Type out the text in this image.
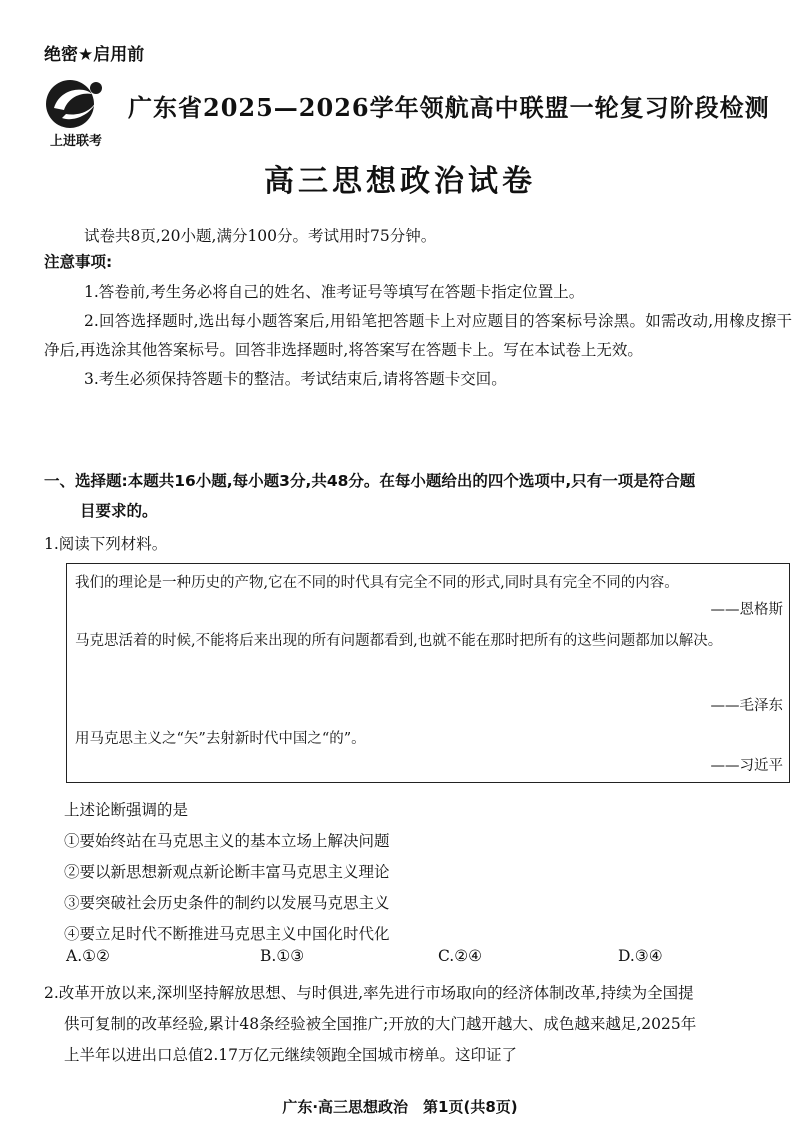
绝密★启用前
上进联考
广东省2025—2026学年领航高中联盟一轮复习阶段检测
高三思想政治试卷
试卷共8页,20小题,满分100分。考试用时75分钟。
注意事项:
1.答卷前,考生务必将自己的姓名、准考证号等填写在答题卡指定位置上。
2.回答选择题时,选出每小题答案后,用铅笔把答题卡上对应题目的答案标号涂黑。如需改动,用橡皮擦干净后,再选涂其他答案标号。回答非选择题时,将答案写在答题卡上。写在本试卷上无效。
3.考生必须保持答题卡的整洁。考试结束后,请将答题卡交回。
一、选择题:本题共16小题,每小题3分,共48分。在每小题给出的四个选项中,只有一项是符合题
目要求的。
1.阅读下列材料。
我们的理论是一种历史的产物,它在不同的时代具有完全不同的形式,同时具有完全不同的内容。
——恩格斯
马克思活着的时候,不能将后来出现的所有问题都看到,也就不能在那时把所有的这些问题都加以解决。
——毛泽东
用马克思主义之“矢”去射新时代中国之“的”。
——习近平
上述论断强调的是
①要始终站在马克思主义的基本立场上解决问题
②要以新思想新观点新论断丰富马克思主义理论
③要突破社会历史条件的制约以发展马克思主义
④要立足时代不断推进马克思主义中国化时代化
A.①②	B.①③	C.②④	D.③④
2.改革开放以来,深圳坚持解放思想、与时俱进,率先进行市场取向的经济体制改革,持续为全国提
供可复制的改革经验,累计48条经验被全国推广;开放的大门越开越大、成色越来越足,2025年
上半年以进出口总值2.17万亿元继续领跑全国城市榜单。这印证了
广东·高三思想政治　第1页(共8页)
